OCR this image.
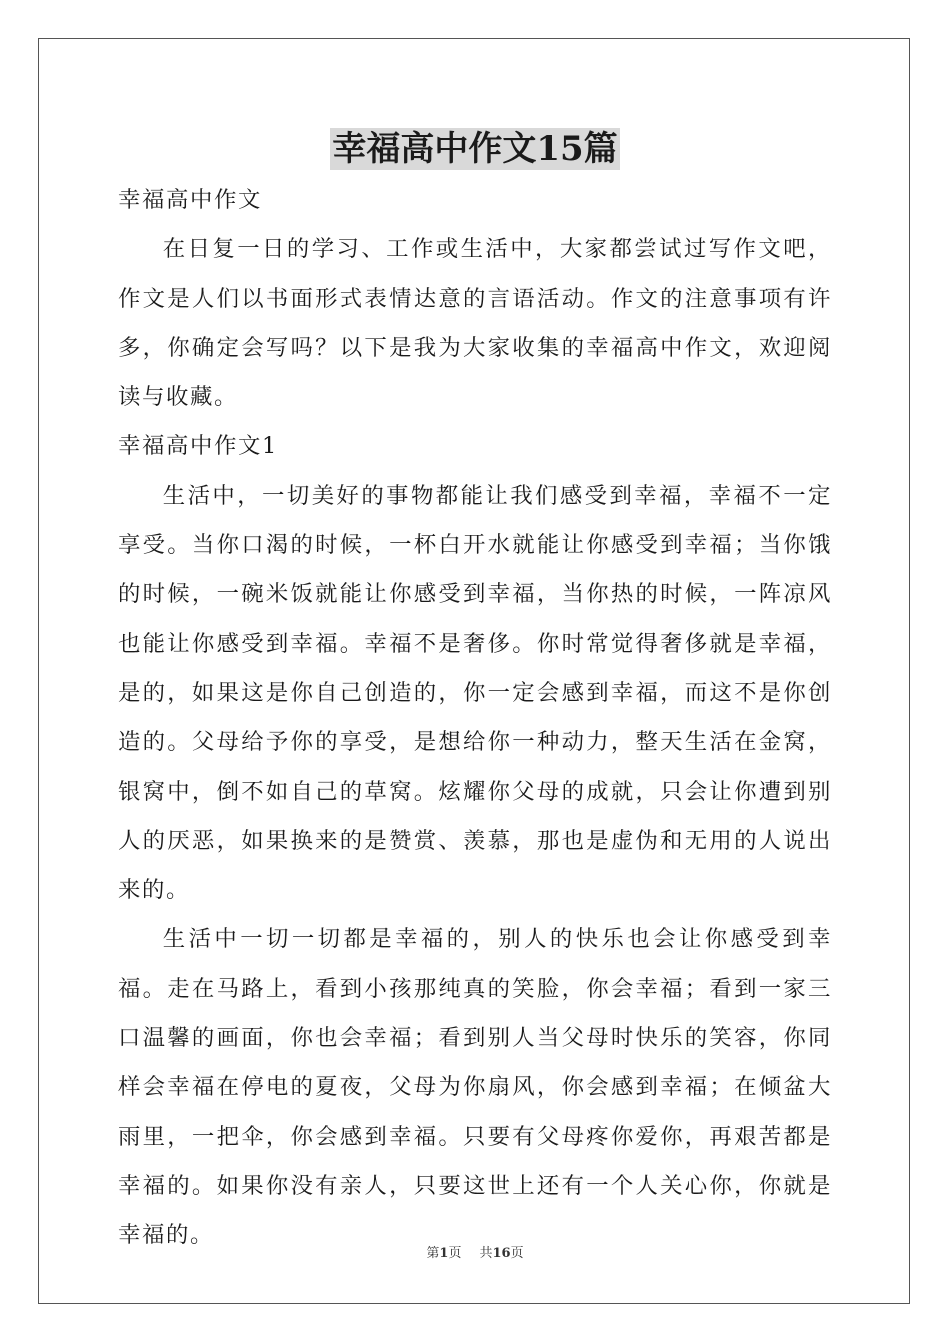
幸福高中作文15篇

幸福高中作文

在日复一日的学习、工作或生活中，大家都尝试过写作文吧，作文是人们以书面形式表情达意的言语活动。作文的注意事项有许多，你确定会写吗？以下是我为大家收集的幸福高中作文，欢迎阅读与收藏。

幸福高中作文1

生活中，一切美好的事物都能让我们感受到幸福，幸福不一定享受。当你口渴的时候，一杯白开水就能让你感受到幸福；当你饿的时候，一碗米饭就能让你感受到幸福，当你热的时候，一阵凉风也能让你感受到幸福。幸福不是奢侈。你时常觉得奢侈就是幸福，是的，如果这是你自己创造的，你一定会感到幸福，而这不是你创造的。父母给予你的享受，是想给你一种动力，整天生活在金窝，银窝中，倒不如自己的草窝。炫耀你父母的成就，只会让你遭到别人的厌恶，如果换来的是赞赏、羡慕，那也是虚伪和无用的人说出来的。

生活中一切一切都是幸福的，别人的快乐也会让你感受到幸福。走在马路上，看到小孩那纯真的笑脸，你会幸福；看到一家三口温馨的画面，你也会幸福；看到别人当父母时快乐的笑容，你同样会幸福在停电的夏夜，父母为你扇风，你会感到幸福；在倾盆大雨里，一把伞，你会感到幸福。只要有父母疼你爱你，再艰苦都是幸福的。如果你没有亲人，只要这世上还有一个人关心你，你就是幸福的。

第1页 共16页
